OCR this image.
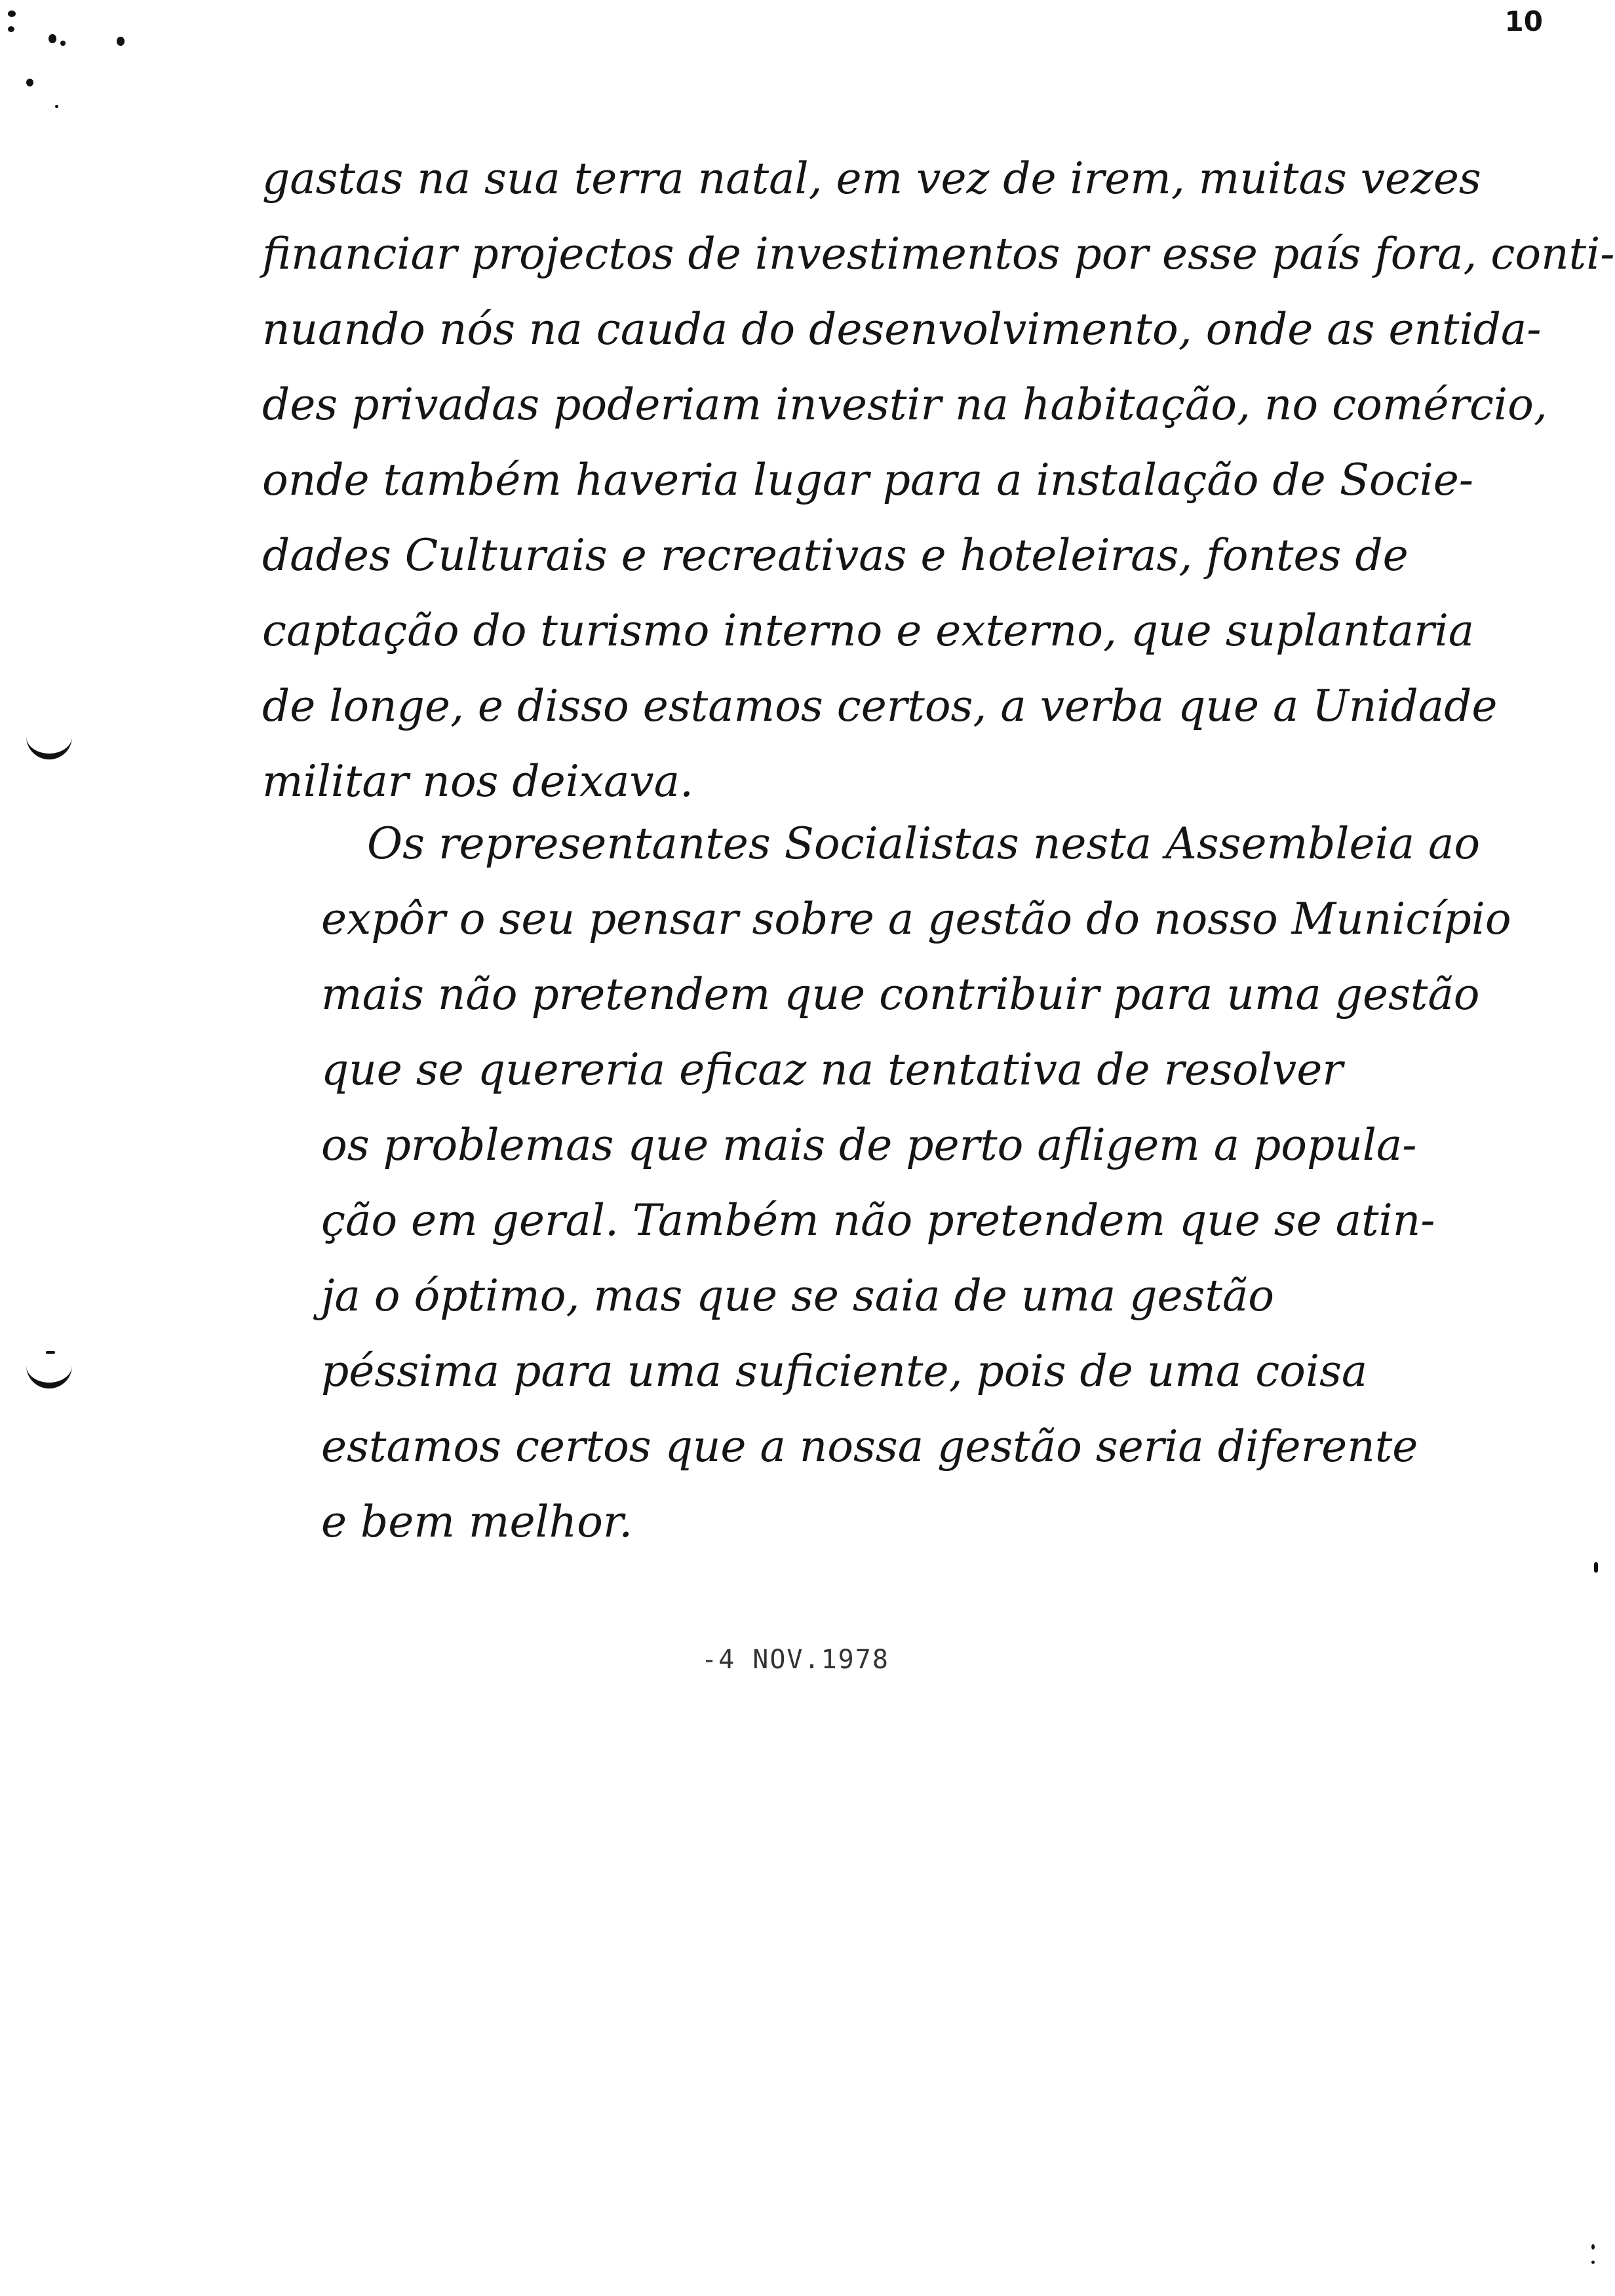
10
gastas na sua terra natal, em vez de irem, muitas vezes
financiar projectos de investimentos por esse país fora, conti-
nuando nós na cauda do desenvolvimento, onde as entida-
des privadas poderiam investir na habitação, no comércio,
onde também haveria lugar para a instalação de Socie-
dades Culturais e recreativas e hoteleiras, fontes de
captação do turismo interno e externo, que suplantaria
de longe, e disso estamos certos, a verba que a Unidade
militar nos deixava.
Os representantes Socialistas nesta Assembleia ao
expôr o seu pensar sobre a gestão do nosso Município
mais não pretendem que contribuir para uma gestão
que se quereria eficaz na tentativa de resolver
os problemas que mais de perto afligem a popula-
ção em geral. Também não pretendem que se atin-
ja o óptimo, mas que se saia de uma gestão
péssima para uma suficiente, pois de uma coisa
estamos certos que a nossa gestão seria diferente
e bem melhor.
-4 NOV.1978
